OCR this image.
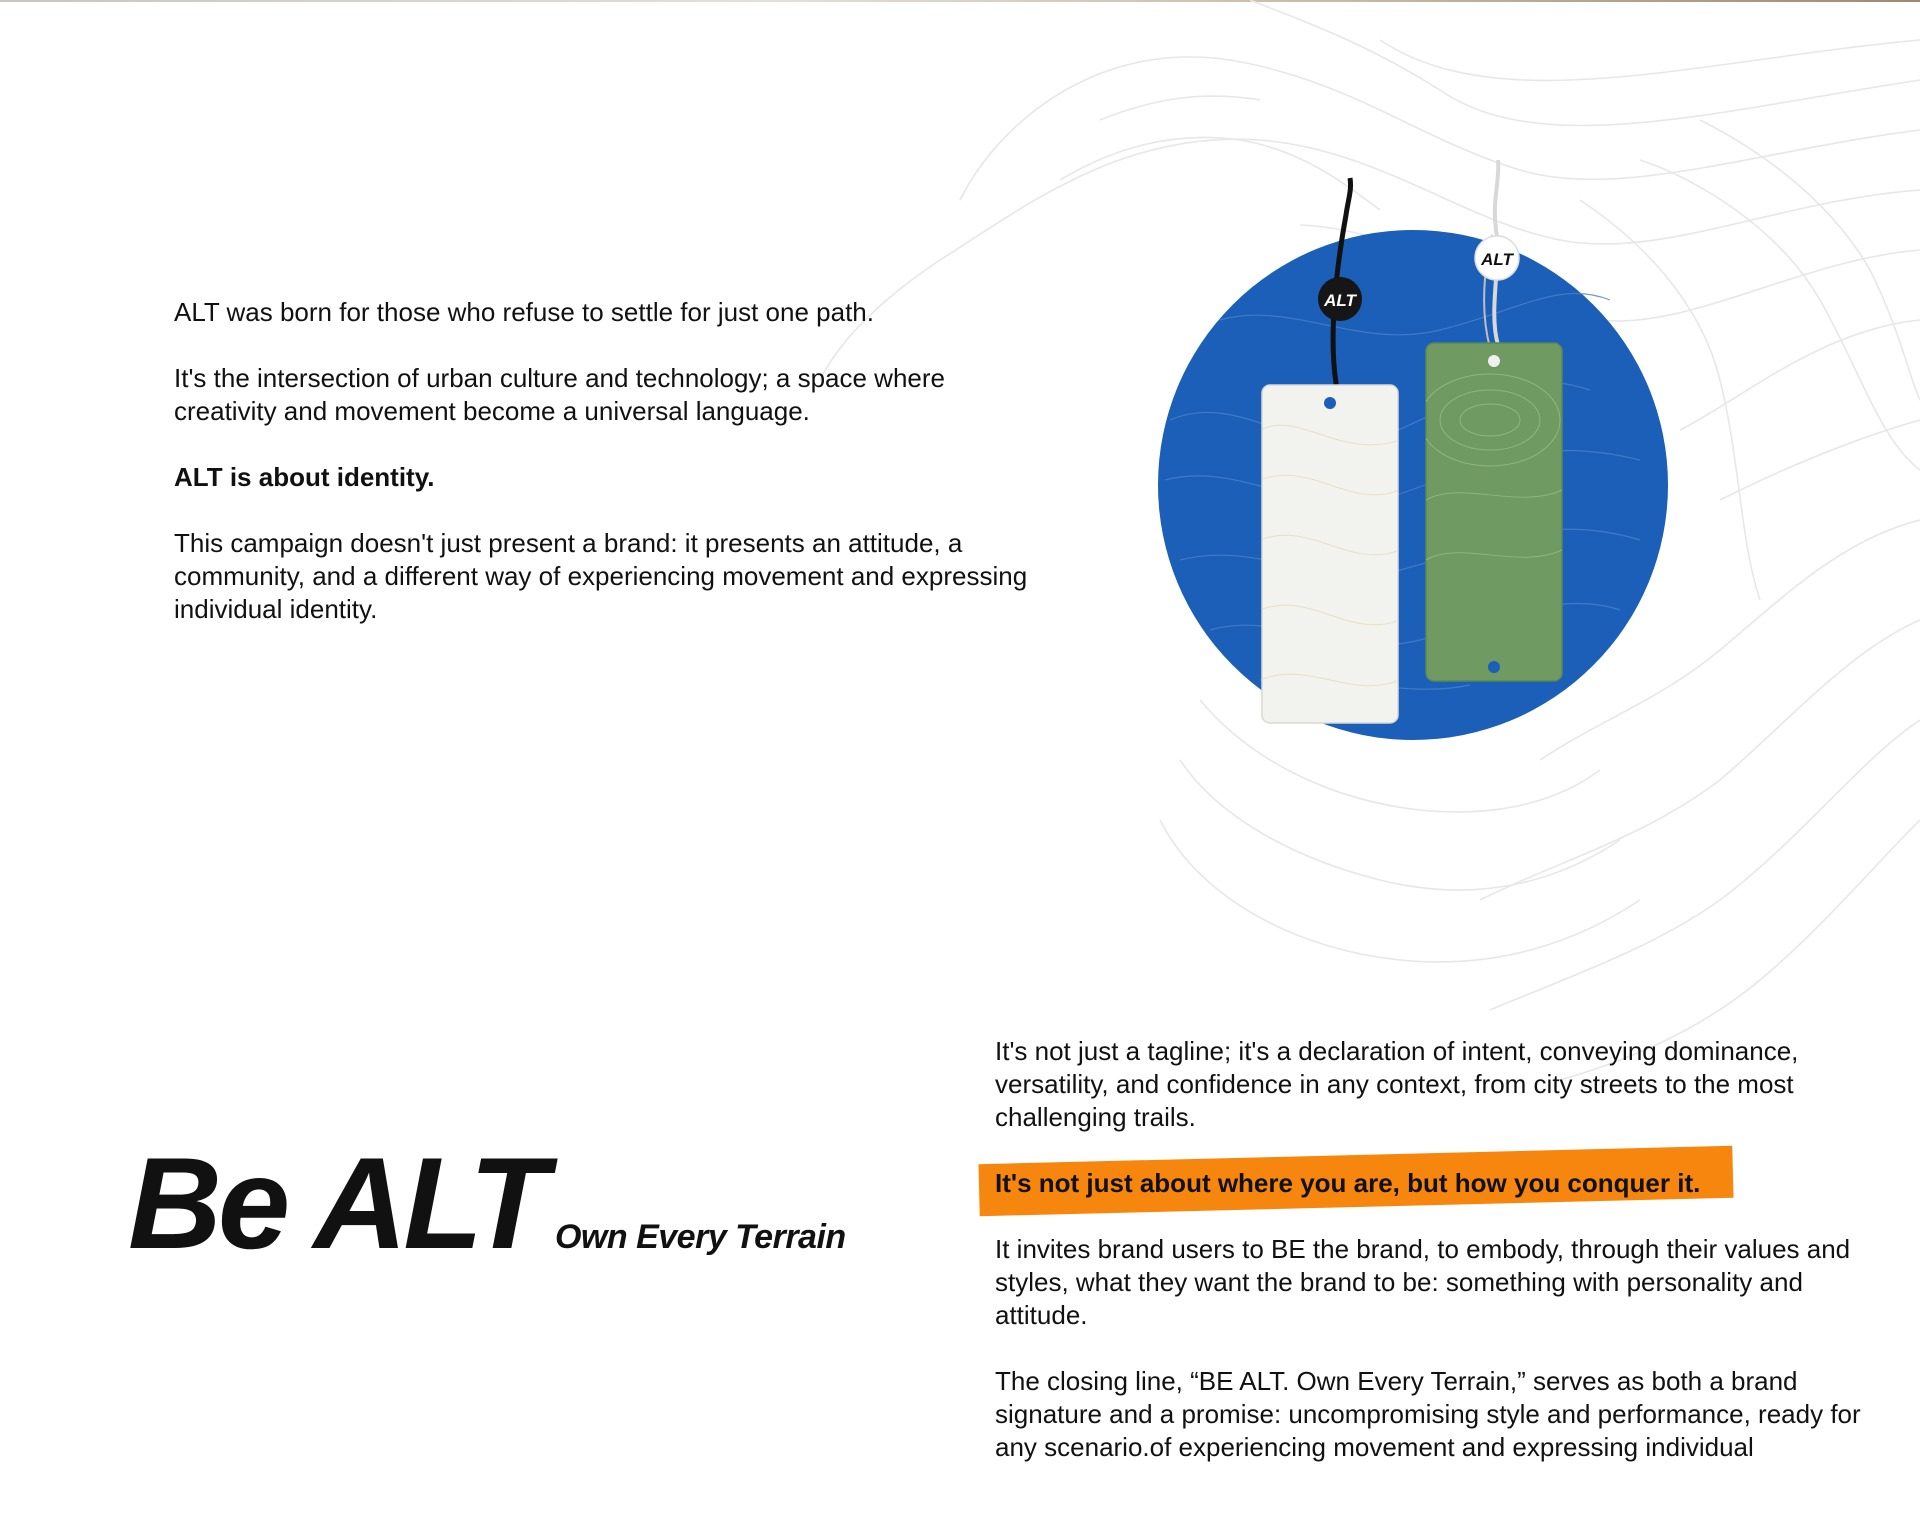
ALT was born for those who refuse to settle for just one path.

It's the intersection of urban culture and technology; a space where creativity and movement become a universal language.

ALT is about identity.

This campaign doesn't just present a brand: it presents an attitude, a community, and a different way of experiencing movement and expressing individual identity.

ALT
ALT
Be ALT Own Every Terrain

It's not just a tagline; it's a declaration of intent, conveying dominance, versatility, and confidence in any context, from city streets to the most challenging trails.

It's not just about where you are, but how you conquer it.

It invites brand users to BE the brand, to embody, through their values and styles, what they want the brand to be: something with personality and attitude.

The closing line, “BE ALT. Own Every Terrain,” serves as both a brand signature and a promise: uncompromising style and performance, ready for any scenario.of experiencing movement and expressing individual
